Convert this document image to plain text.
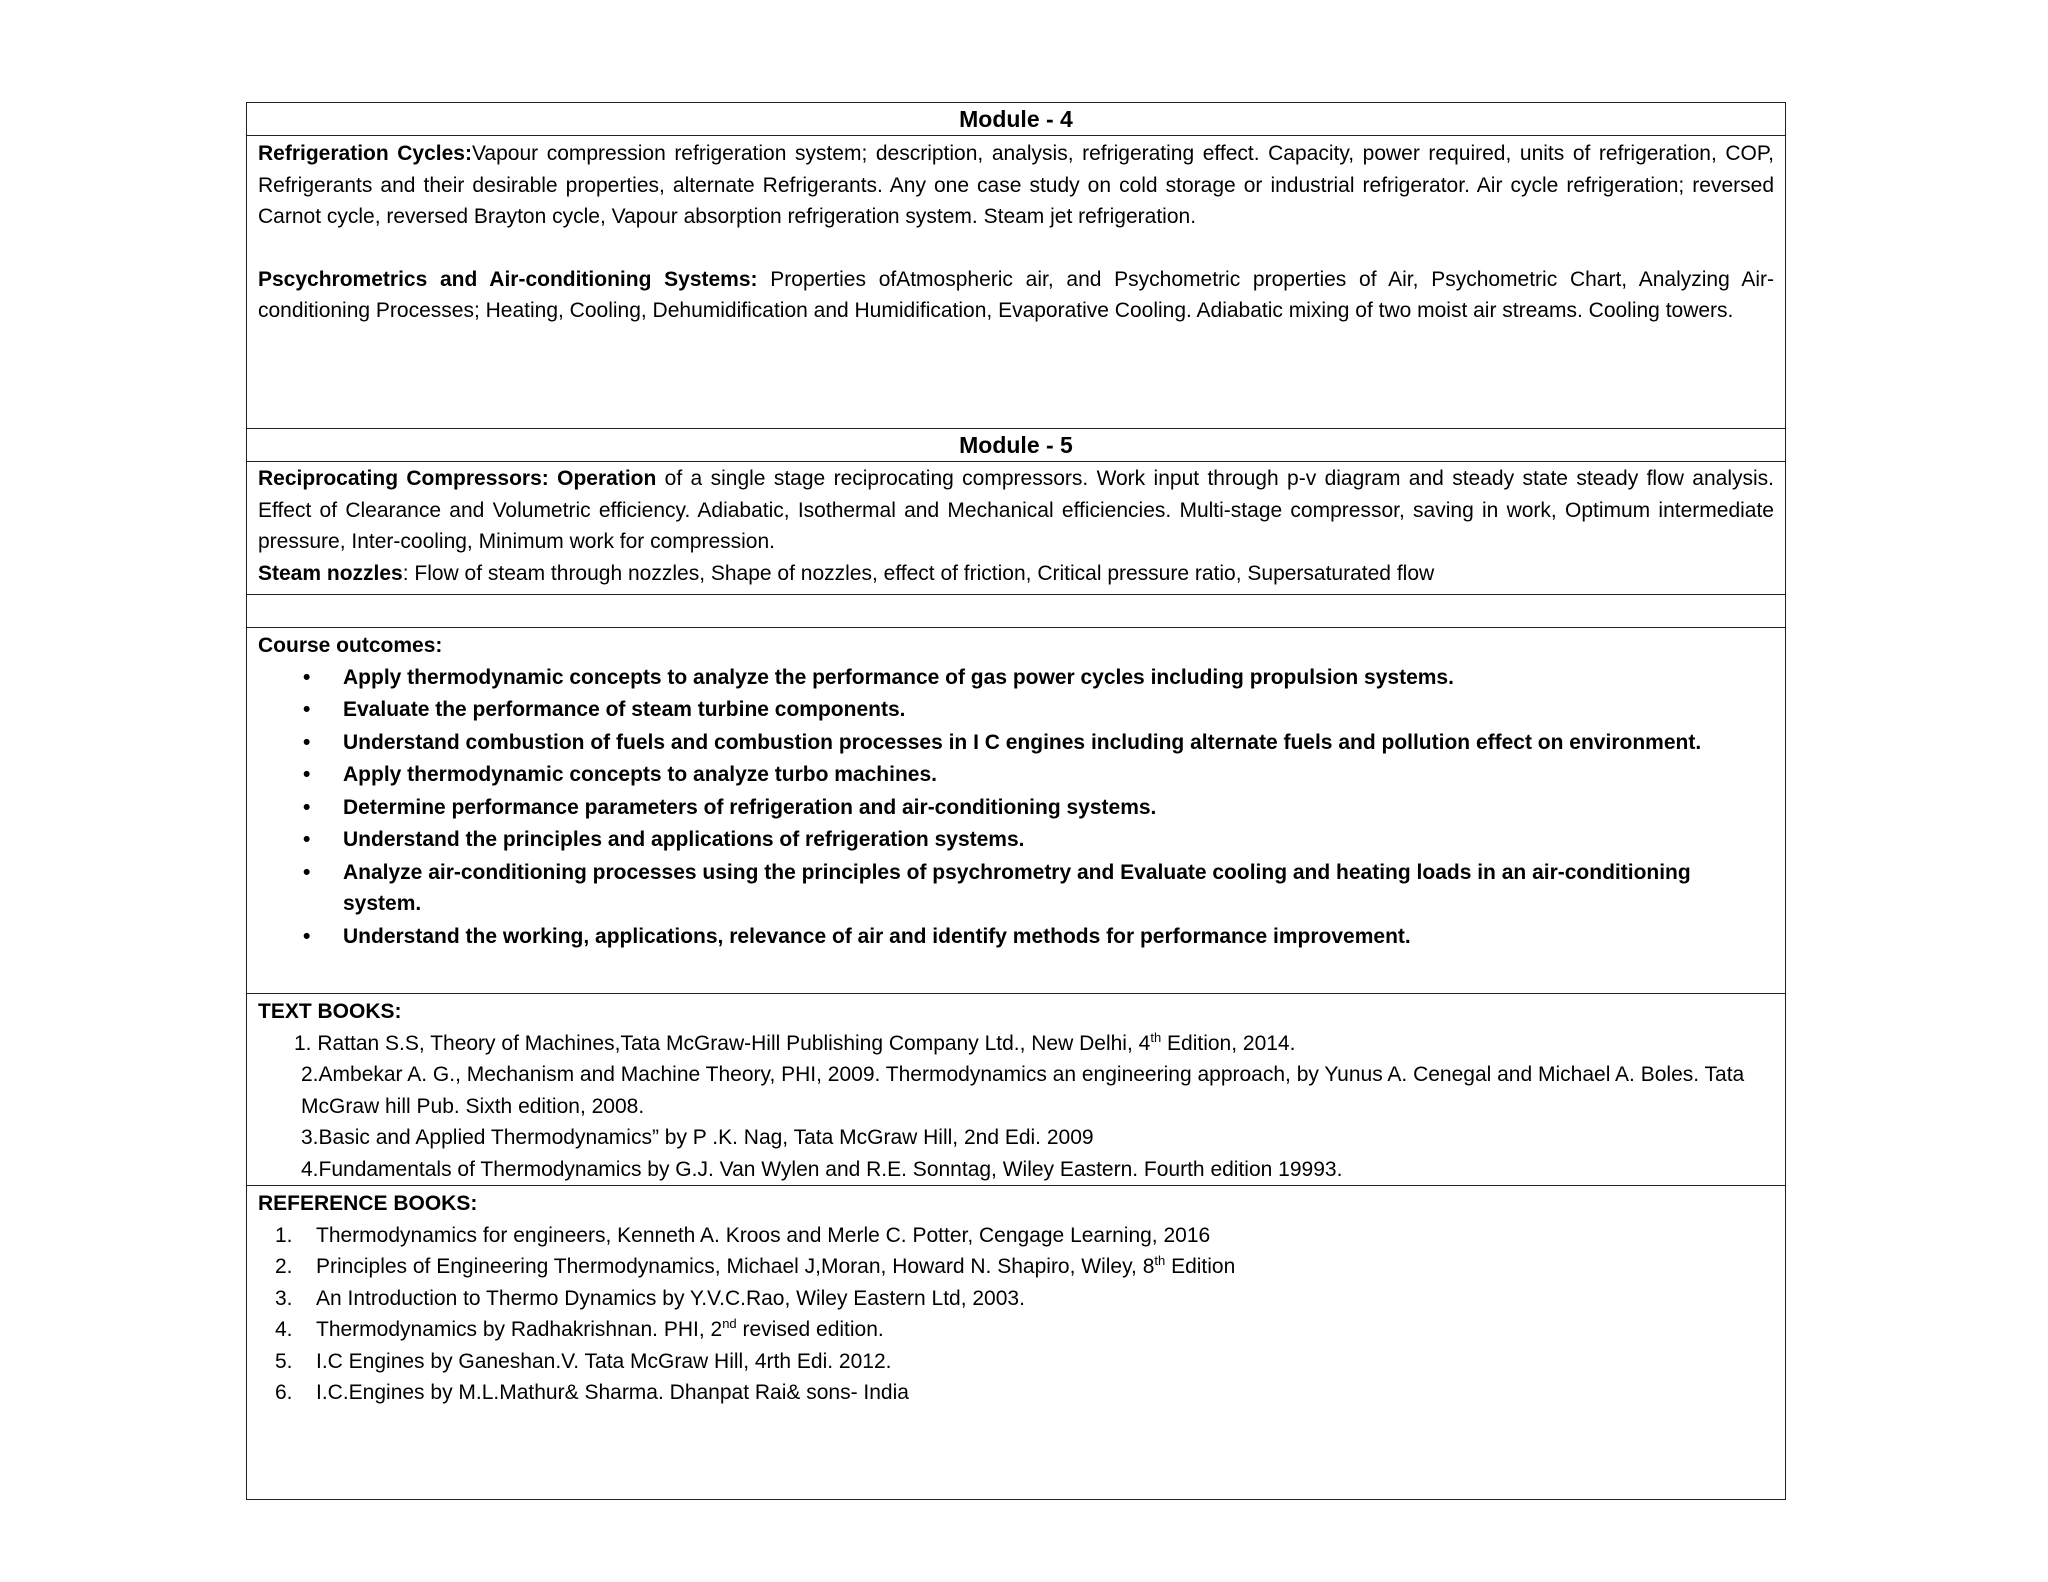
Module - 4

Refrigeration Cycles:Vapour compression refrigeration system; description, analysis, refrigerating effect. Capacity, power required, units of refrigeration, COP, Refrigerants and their desirable properties, alternate Refrigerants. Any one case study on cold storage or industrial refrigerator. Air cycle refrigeration; reversed Carnot cycle, reversed Brayton cycle, Vapour absorption refrigeration system. Steam jet refrigeration.

Pscychrometrics and Air-conditioning Systems: Properties ofAtmospheric air, and Psychometric properties of Air, Psychometric Chart, Analyzing Air-conditioning Processes; Heating, Cooling, Dehumidification and Humidification, Evaporative Cooling. Adiabatic mixing of two moist air streams. Cooling towers.

Module - 5

Reciprocating Compressors: Operation of a single stage reciprocating compressors. Work input through p-v diagram and steady state steady flow analysis. Effect of Clearance and Volumetric efficiency. Adiabatic, Isothermal and Mechanical efficiencies. Multi-stage compressor, saving in work, Optimum intermediate pressure, Inter-cooling, Minimum work for compression.

Steam nozzles: Flow of steam through nozzles, Shape of nozzles, effect of friction, Critical pressure ratio, Supersaturated flow

Course outcomes:
• Apply thermodynamic concepts to analyze the performance of gas power cycles including propulsion systems.
• Evaluate the performance of steam turbine components.
• Understand combustion of fuels and combustion processes in I C engines including alternate fuels and pollution effect on environment.
• Apply thermodynamic concepts to analyze turbo machines.
• Determine performance parameters of refrigeration and air-conditioning systems.
• Understand the principles and applications of refrigeration systems.
• Analyze air-conditioning processes using the principles of psychrometry and Evaluate cooling and heating loads in an air-conditioning system.
• Understand the working, applications, relevance of air and identify methods for performance improvement.
TEXT BOOKS:
1. Rattan S.S, Theory of Machines,Tata McGraw-Hill Publishing Company Ltd., New Delhi, 4th Edition, 2014.
2.Ambekar A. G., Mechanism and Machine Theory, PHI, 2009. Thermodynamics an engineering approach, by Yunus A. Cenegal and Michael A. Boles. Tata McGraw hill Pub. Sixth edition, 2008.
3.Basic and Applied Thermodynamics” by P .K. Nag, Tata McGraw Hill, 2nd Edi. 2009
4.Fundamentals of Thermodynamics by G.J. Van Wylen and R.E. Sonntag, Wiley Eastern. Fourth edition 19993.
REFERENCE BOOKS:
1. Thermodynamics for engineers, Kenneth A. Kroos and Merle C. Potter, Cengage Learning, 2016
2. Principles of Engineering Thermodynamics, Michael J,Moran, Howard N. Shapiro, Wiley, 8th Edition
3. An Introduction to Thermo Dynamics by Y.V.C.Rao, Wiley Eastern Ltd, 2003.
4. Thermodynamics by Radhakrishnan. PHI, 2nd revised edition.
5. I.C Engines by Ganeshan.V. Tata McGraw Hill, 4rth Edi. 2012.
6. I.C.Engines by M.L.Mathur& Sharma. Dhanpat Rai& sons- India
